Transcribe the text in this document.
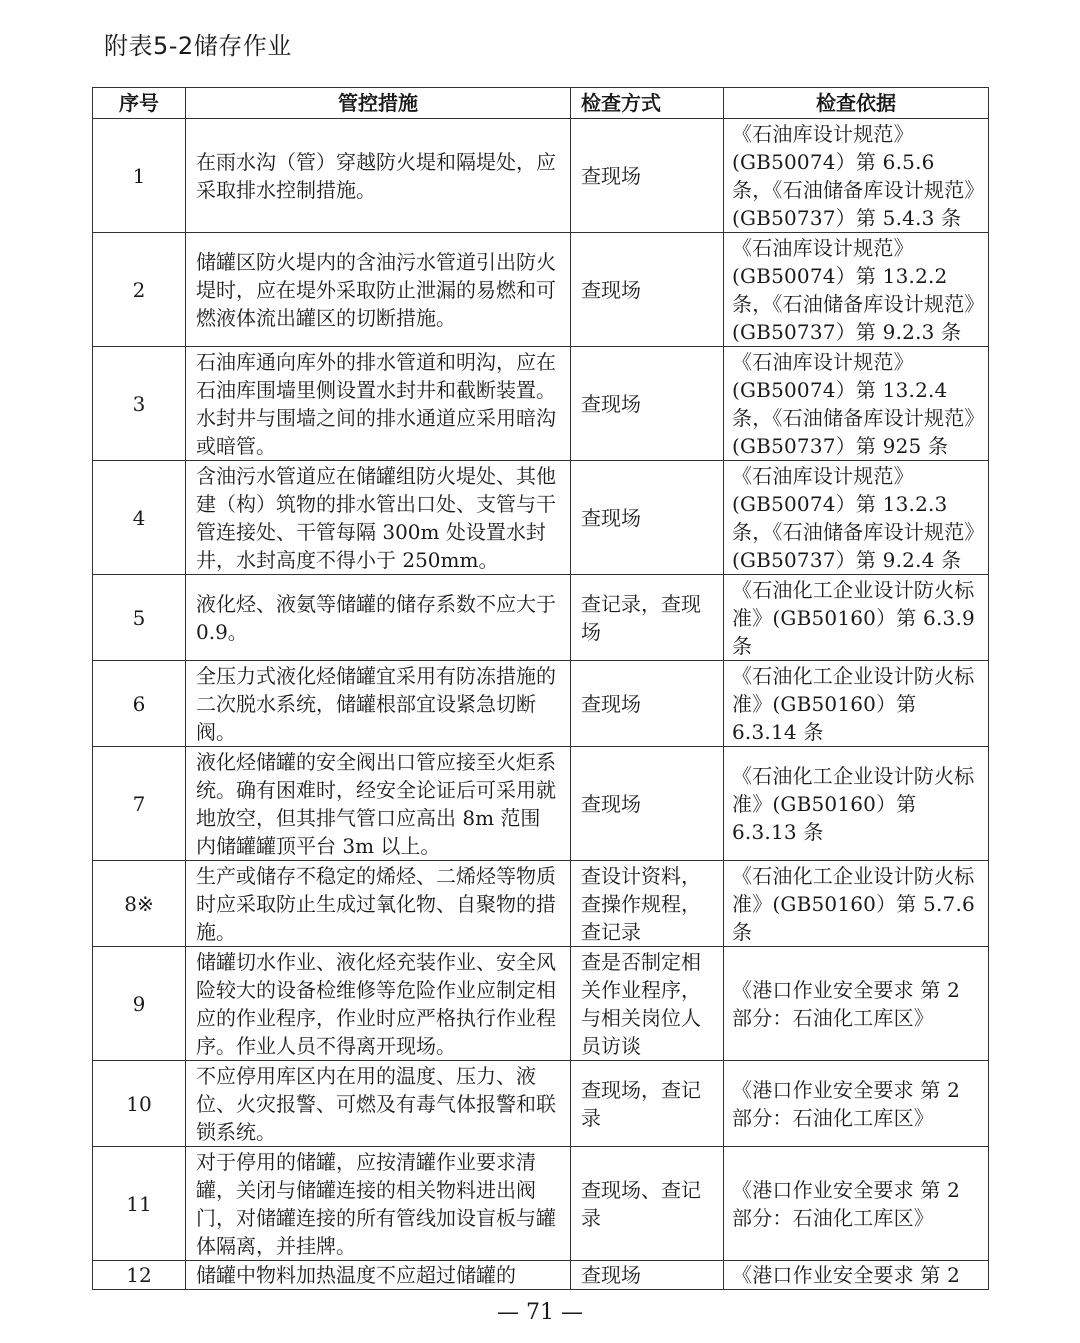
附表5-2储存作业
序号	管控措施	检查方式	检查依据
1	在雨水沟（管）穿越防火堤和隔堤处，应采取排水控制措施。	查现场	《石油库设计规范》(GB50074）第 6.5.6 条，《石油储备库设计规范》(GB50737）第 5.4.3 条
2	储罐区防火堤内的含油污水管道引出防火堤时，应在堤外采取防止泄漏的易燃和可燃液体流出罐区的切断措施。	查现场	《石油库设计规范》(GB50074）第 13.2.2 条，《石油储备库设计规范》(GB50737）第 9.2.3 条
3	石油库通向库外的排水管道和明沟，应在石油库围墙里侧设置水封井和截断装置。水封井与围墙之间的排水通道应采用暗沟或暗管。	查现场	《石油库设计规范》(GB50074）第 13.2.4 条，《石油储备库设计规范》(GB50737）第 925 条
4	含油污水管道应在储罐组防火堤处、其他建（构）筑物的排水管出口处、支管与干管连接处、干管每隔 300m 处设置水封井，水封高度不得小于 250mm。	查现场	《石油库设计规范》(GB50074）第 13.2.3 条，《石油储备库设计规范》(GB50737）第 9.2.4 条
5	液化烃、液氨等储罐的储存系数不应大于 0.9。	查记录，查现场	《石油化工企业设计防火标准》(GB50160）第 6.3.9 条
6	全压力式液化烃储罐宜采用有防冻措施的二次脱水系统，储罐根部宜设紧急切断阀。	查现场	《石油化工企业设计防火标准》(GB50160）第 6.3.14 条
7	液化烃储罐的安全阀出口管应接至火炬系统。确有困难时，经安全论证后可采用就地放空，但其排气管口应高出 8m 范围内储罐罐顶平台 3m 以上。	查现场	《石油化工企业设计防火标准》(GB50160）第 6.3.13 条
8※	生产或储存不稳定的烯烃、二烯烃等物质时应采取防止生成过氧化物、自聚物的措施。	查设计资料，查操作规程，查记录	《石油化工企业设计防火标准》(GB50160）第 5.7.6 条
9	储罐切水作业、液化烃充装作业、安全风险较大的设备检维修等危险作业应制定相应的作业程序，作业时应严格执行作业程序。作业人员不得离开现场。	查是否制定相关作业程序，与相关岗位人员访谈	《港口作业安全要求 第 2 部分：石油化工库区》
10	不应停用库区内在用的温度、压力、液位、火灾报警、可燃及有毒气体报警和联锁系统。	查现场，查记录	《港口作业安全要求 第 2 部分：石油化工库区》
11	对于停用的储罐，应按清罐作业要求清罐，关闭与储罐连接的相关物料进出阀门，对储罐连接的所有管线加设盲板与罐体隔离，并挂牌。	查现场、查记录	《港口作业安全要求 第 2 部分：石油化工库区》
12	储罐中物料加热温度不应超过储罐的	查现场	《港口作业安全要求 第 2
— 71 —
